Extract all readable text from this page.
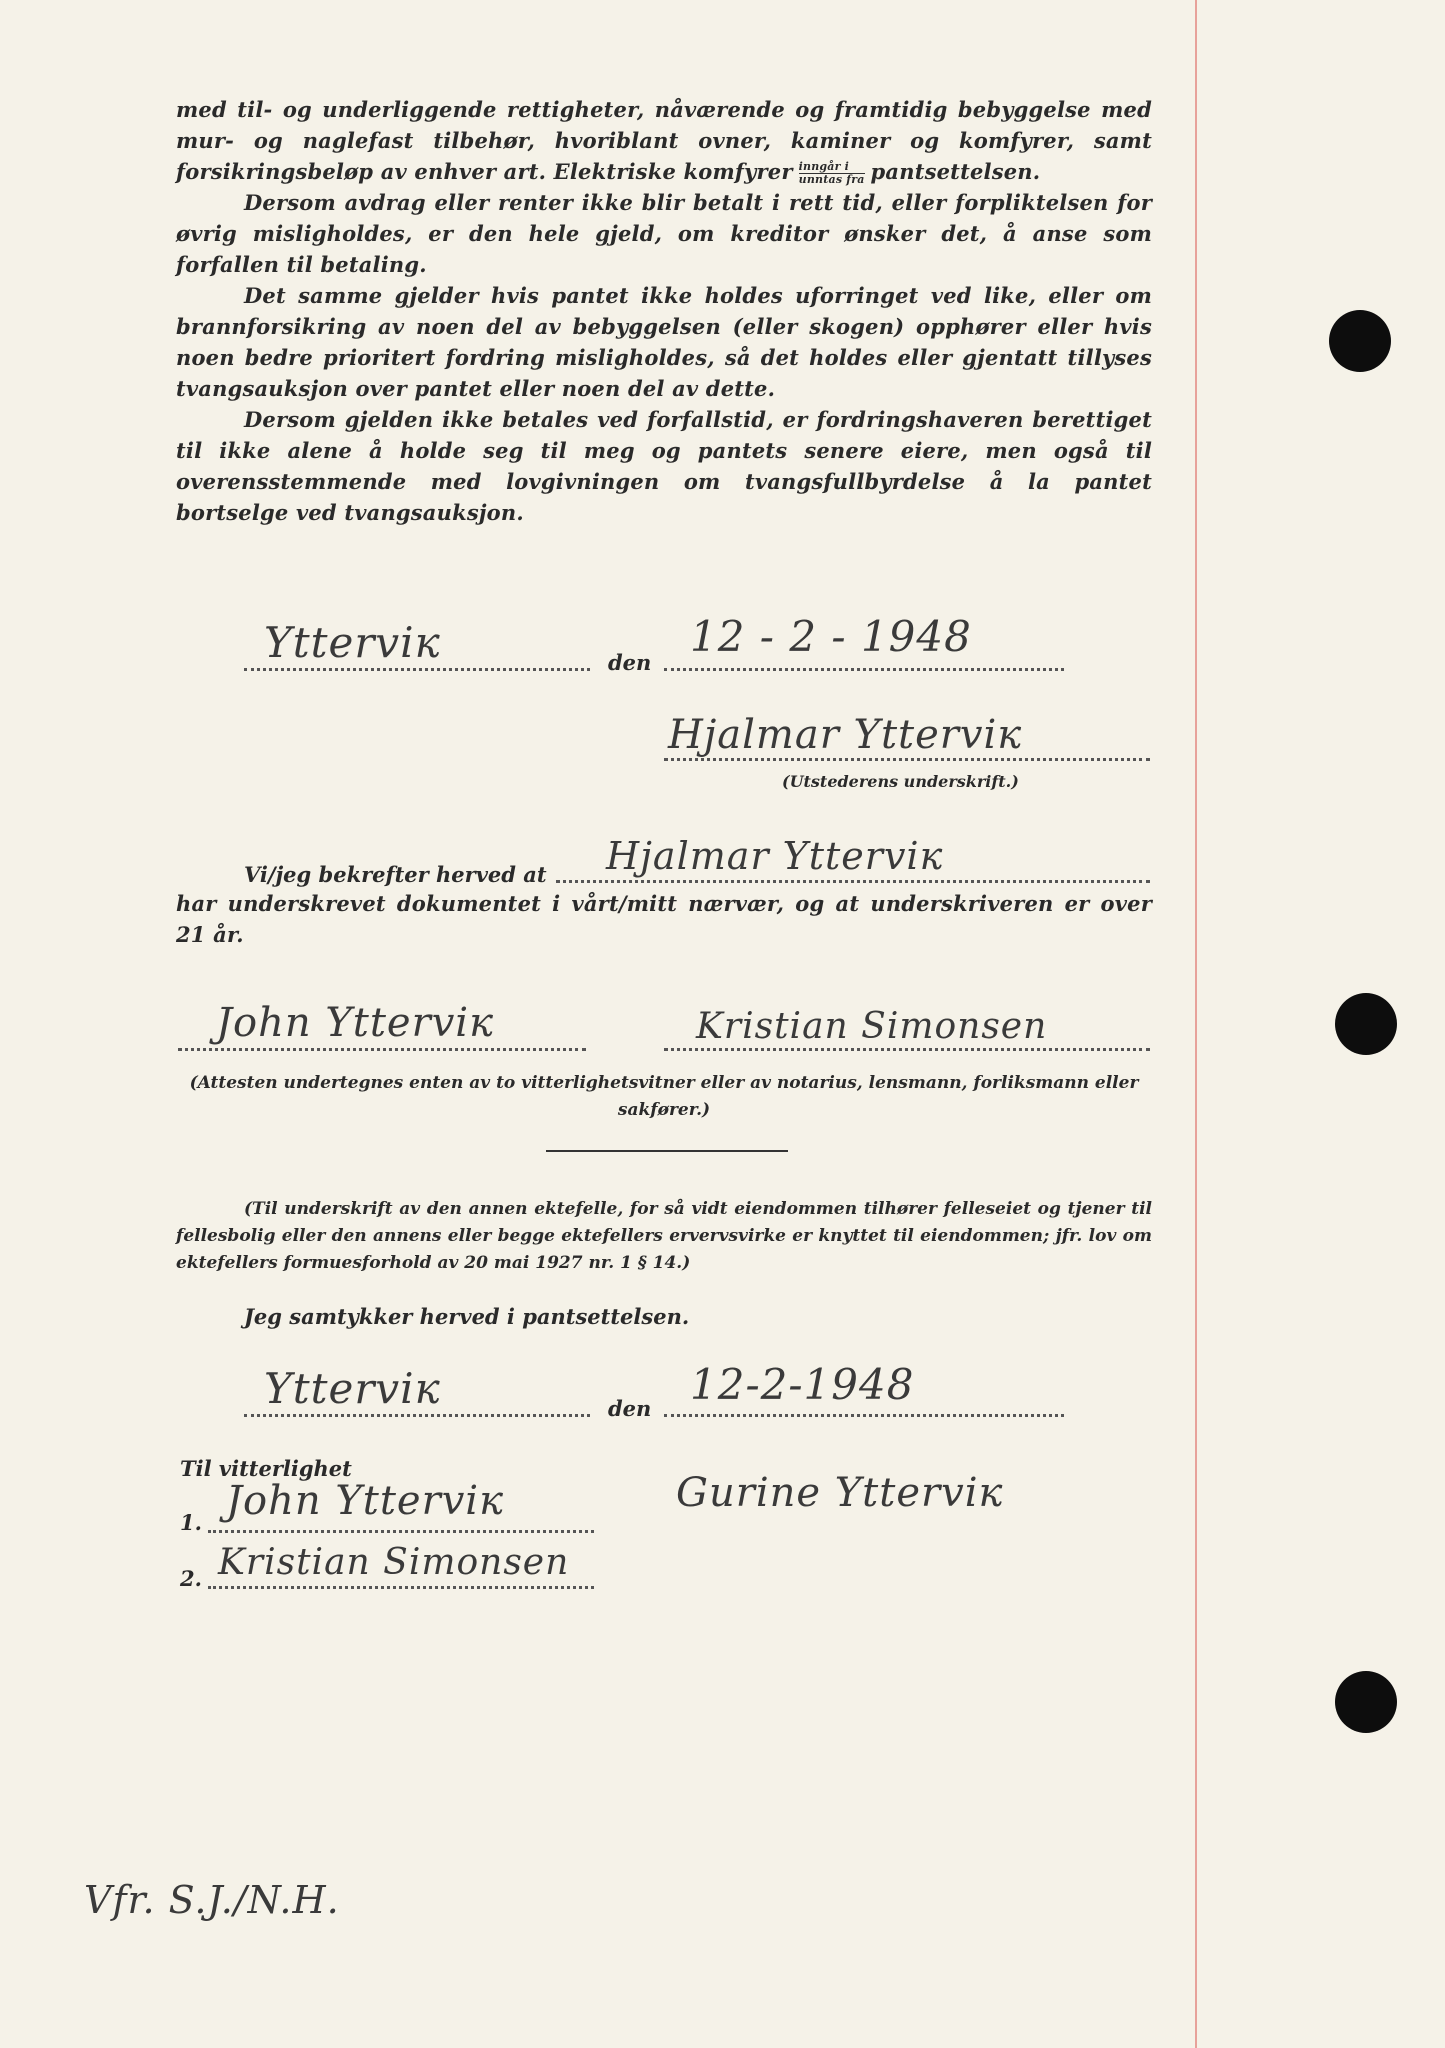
med til- og underliggende rettigheter, nåværende og framtidig bebyggelse med mur- og naglefast tilbehør, hvoriblant ovner, kaminer og komfyrer, samt forsikringsbeløp av enhver art. Elektriske komfyrer $\frac{\text{inngår i}}{\text{unntas fra}}$ pantsettelsen.

Dersom avdrag eller renter ikke blir betalt i rett tid, eller forpliktelsen for øvrig misligholdes, er den hele gjeld, om kreditor ønsker det, å anse som forfallen til betaling.

Det samme gjelder hvis pantet ikke holdes uforringet ved like, eller om brannforsikring av noen del av bebyggelsen (eller skogen) opphører eller hvis noen bedre prioritert fordring misligholdes, så det holdes eller gjentatt tillyses tvangsauksjon over pantet eller noen del av dette.

Dersom gjelden ikke betales ved forfallstid, er fordringshaveren berettiget til ikke alene å holde seg til meg og pantets senere eiere, men også til overensstemmende med lovgivningen om tvangsfullbyrdelse å la pantet bortselge ved tvangsauksjon.

Ytterviк	den
12 - 2 - 1948
Hjalmar Ytterviк
(Utstederens underskrift.)
Vi/jeg bekrefter herved at Hjalmar Ytterviк

har underskrevet dokumentet i vårt/mitt nærvær, og at underskriveren er over 21 år.

John Ytterviк	Kristian Simonsen
(Attesten undertegnes enten av to vitterlighetsvitner eller av notarius, lensmann, forliksmann eller sakfører.)
(Til underskrift av den annen ektefelle, for så vidt eiendommen tilhører felleseiet og tjener til fellesbolig eller den annens eller begge ektefellers ervervsvirke er knyttet til eiendommen; jfr. lov om ektefellers formuesforhold av 20 mai 1927 nr. 1 § 14.)
Jeg samtykker herved i pantsettelsen.
Ytterviк	den 12-2-1948
Til vitterlighet
1. John Ytterviк	Gurine Ytterviк
2. Kristian Simonsen
Vfr. S.J./N.H.
